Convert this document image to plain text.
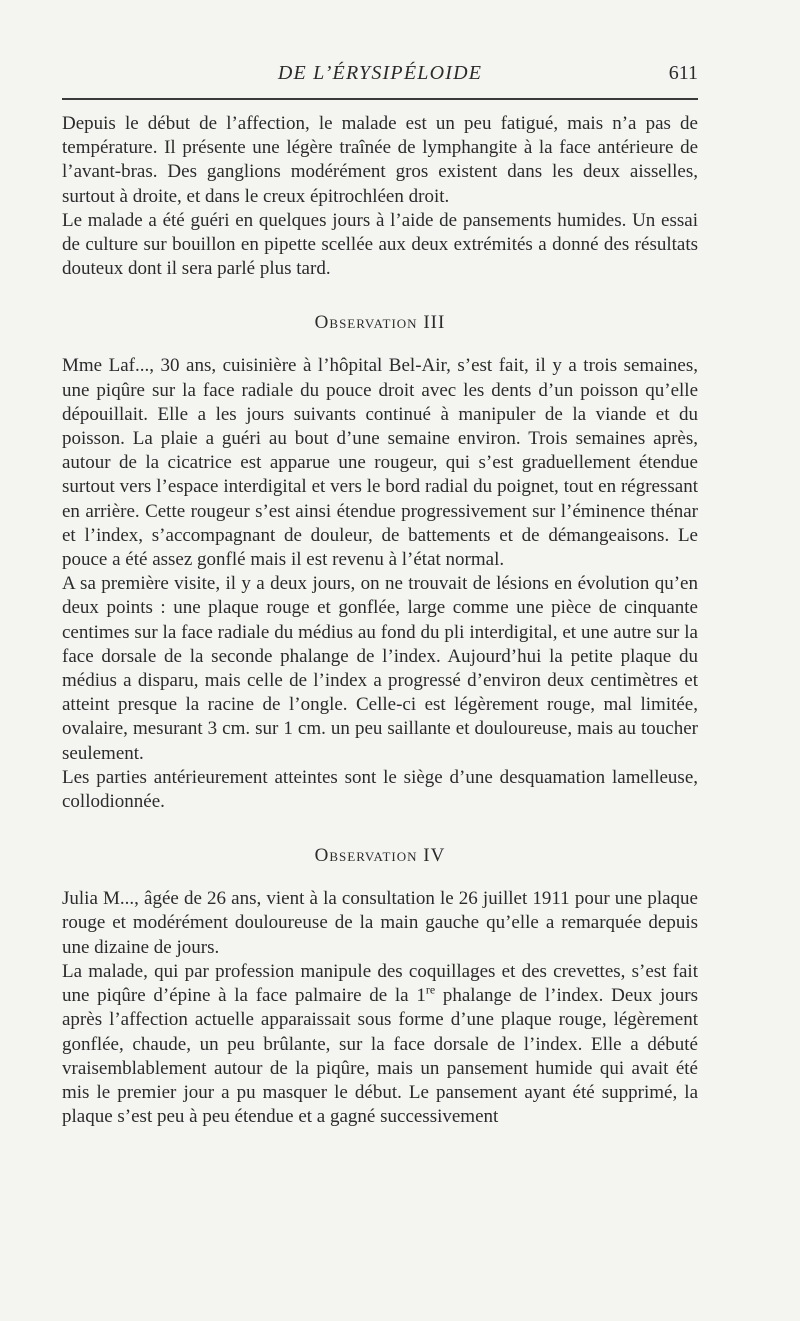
DE L’ÉRYSIPÉLOIDE	611

Depuis le début de l’affection, le malade est un peu fatigué, mais n’a pas de température. Il présente une légère traînée de lymphangite à la face antérieure de l’avant-bras. Des ganglions modérément gros existent dans les deux aisselles, surtout à droite, et dans le creux épitrochléen droit.

Le malade a été guéri en quelques jours à l’aide de pansements humides. Un essai de culture sur bouillon en pipette scellée aux deux extrémités a donné des résultats douteux dont il sera parlé plus tard.

Observation III

Mme Laf..., 30 ans, cuisinière à l’hôpital Bel-Air, s’est fait, il y a trois semaines, une piqûre sur la face radiale du pouce droit avec les dents d’un poisson qu’elle dépouillait. Elle a les jours suivants continué à manipuler de la viande et du poisson. La plaie a guéri au bout d’une semaine environ. Trois semaines après, autour de la cicatrice est apparue une rougeur, qui s’est graduellement étendue surtout vers l’espace interdigital et vers le bord radial du poignet, tout en régressant en arrière. Cette rougeur s’est ainsi étendue progressivement sur l’éminence thénar et l’index, s’accompagnant de douleur, de battements et de démangeaisons. Le pouce a été assez gonflé mais il est revenu à l’état normal.

A sa première visite, il y a deux jours, on ne trouvait de lésions en évolution qu’en deux points : une plaque rouge et gonflée, large comme une pièce de cinquante centimes sur la face radiale du médius au fond du pli interdigital, et une autre sur la face dorsale de la seconde phalange de l’index. Aujourd’hui la petite plaque du médius a disparu, mais celle de l’index a progressé d’environ deux centimètres et atteint presque la racine de l’ongle. Celle-ci est légèrement rouge, mal limitée, ovalaire, mesurant 3 cm. sur 1 cm. un peu saillante et douloureuse, mais au toucher seulement.

Les parties antérieurement atteintes sont le siège d’une desquamation lamelleuse, collodionnée.

Observation IV

Julia M..., âgée de 26 ans, vient à la consultation le 26 juillet 1911 pour une plaque rouge et modérément douloureuse de la main gauche qu’elle a remarquée depuis une dizaine de jours.

La malade, qui par profession manipule des coquillages et des crevettes, s’est fait une piqûre d’épine à la face palmaire de la 1re phalange de l’index. Deux jours après l’affection actuelle apparaissait sous forme d’une plaque rouge, légèrement gonflée, chaude, un peu brûlante, sur la face dorsale de l’index. Elle a débuté vraisemblablement autour de la piqûre, mais un pansement humide qui avait été mis le premier jour a pu masquer le début. Le pansement ayant été supprimé, la plaque s’est peu à peu étendue et a gagné successivement
